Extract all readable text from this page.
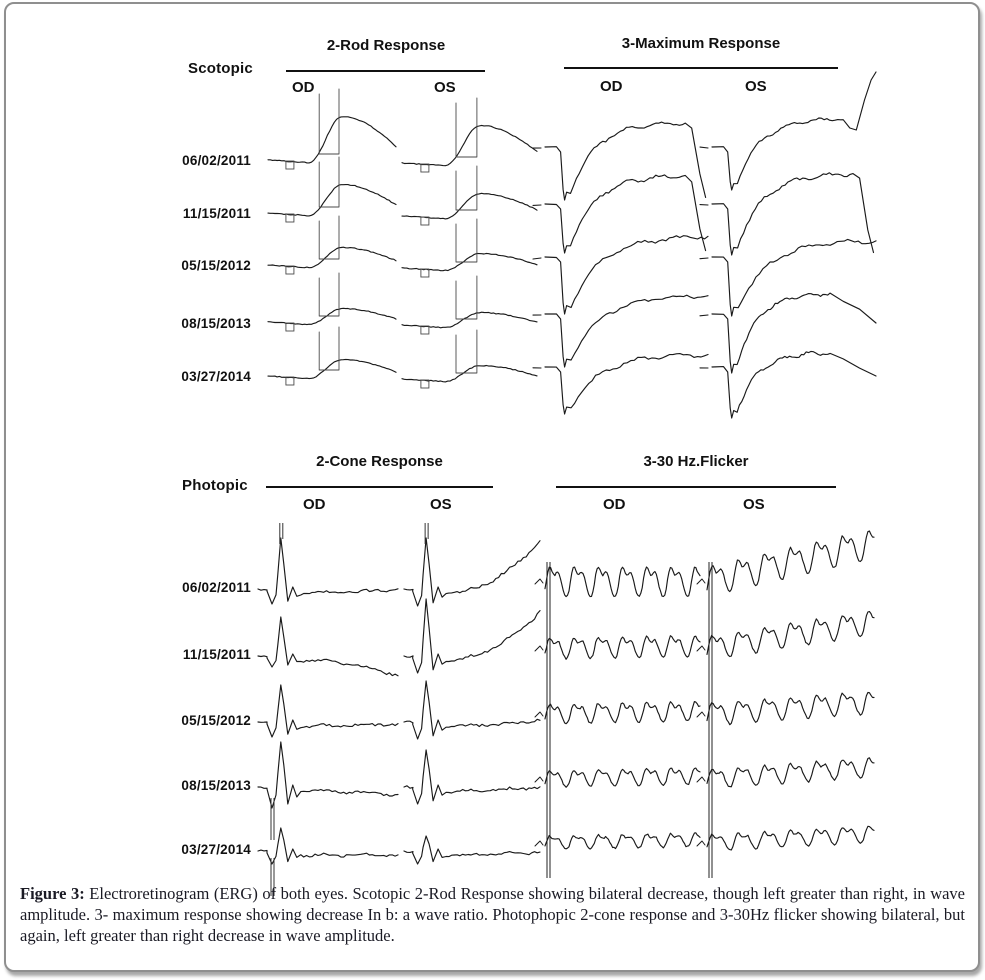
Scotopic
2-Rod Response
OD	OS
3-Maximum Response
OD	OS
06/02/2011
11/15/2011
05/15/2012
08/15/2013
03/27/2014
Photopic
2-Cone Response
OD	OS
3-30 Hz.Flicker
OD	OS
06/02/2011
11/15/2011
05/15/2012
08/15/2013
03/27/2014
Figure 3: Electroretinogram (ERG) of both eyes. Scotopic 2-Rod Response showing bilateral decrease, though left greater than right, in wave amplitude. 3- maximum response showing decrease In b: a wave ratio. Photophopic 2-cone response and 3-30Hz flicker showing bilateral, but again, left greater than right decrease in wave amplitude.
